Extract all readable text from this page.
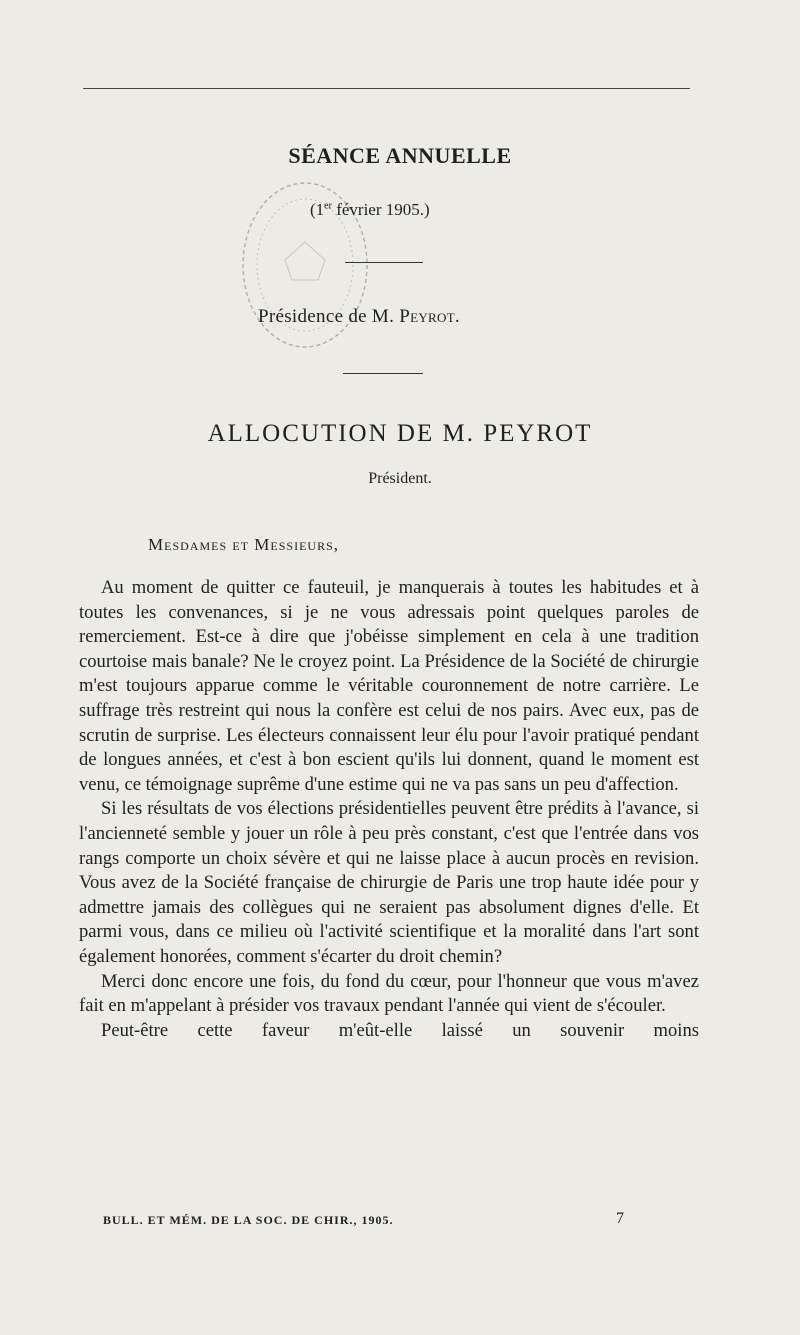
SÉANCE ANNUELLE
(1er février 1905.)
Présidence de M. Peyrot.
ALLOCUTION DE M. PEYROT
Président.
Mesdames et Messieurs,

Au moment de quitter ce fauteuil, je manquerais à toutes les habitudes et à toutes les convenances, si je ne vous adressais point quelques paroles de remerciement. Est-ce à dire que j'obéisse simplement en cela à une tradition courtoise mais banale? Ne le croyez point. La Présidence de la Société de chirurgie m'est toujours apparue comme le véritable couronnement de notre carrière. Le suffrage très restreint qui nous la confère est celui de nos pairs. Avec eux, pas de scrutin de surprise. Les électeurs connaissent leur élu pour l'avoir pratiqué pendant de longues années, et c'est à bon escient qu'ils lui donnent, quand le moment est venu, ce témoignage suprême d'une estime qui ne va pas sans un peu d'affection.

Si les résultats de vos élections présidentielles peuvent être prédits à l'avance, si l'ancienneté semble y jouer un rôle à peu près constant, c'est que l'entrée dans vos rangs comporte un choix sévère et qui ne laisse place à aucun procès en revision. Vous avez de la Société française de chirurgie de Paris une trop haute idée pour y admettre jamais des collègues qui ne seraient pas absolument dignes d'elle. Et parmi vous, dans ce milieu où l'activité scientifique et la moralité dans l'art sont également honorées, comment s'écarter du droit chemin?

Merci donc encore une fois, du fond du cœur, pour l'honneur que vous m'avez fait en m'appelant à présider vos travaux pendant l'année qui vient de s'écouler.

Peut-être cette faveur m'eût-elle laissé un souvenir moins

BULL. ET MÉM. DE LA SOC. DE CHIR., 1905.	7
